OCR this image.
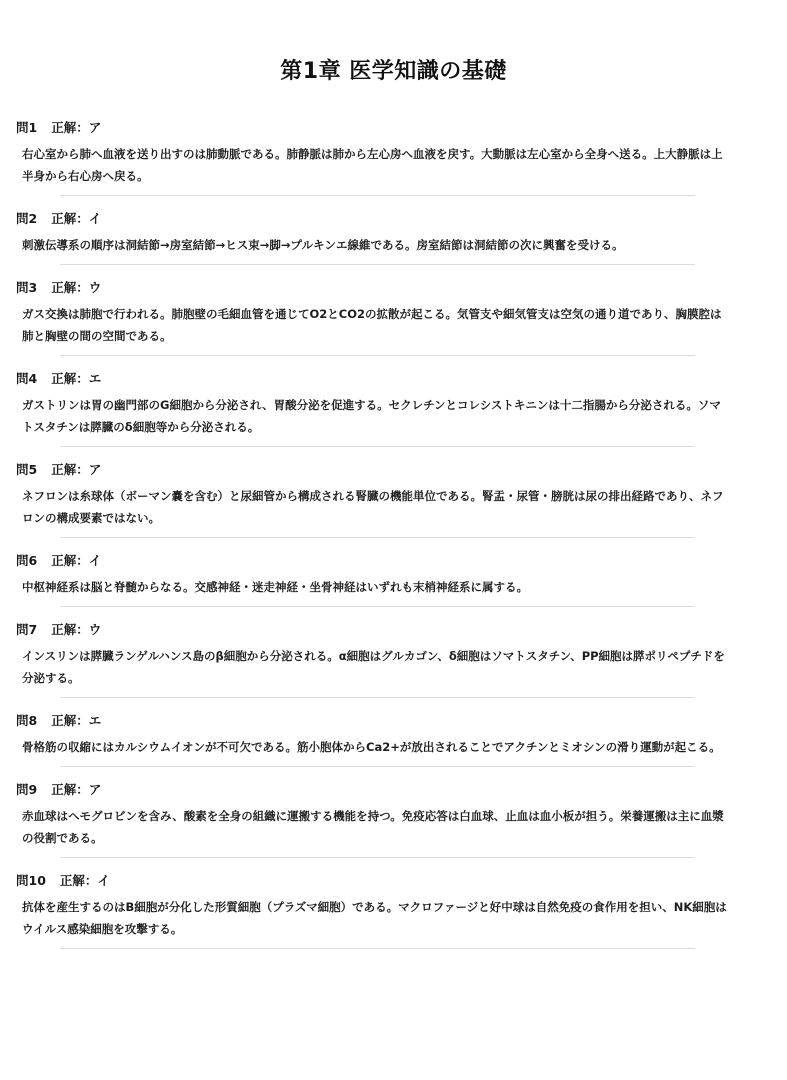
第1章 医学知識の基礎
問1 正解：ア
右心室から肺へ血液を送り出すのは肺動脈である。肺静脈は肺から左心房へ血液を戻す。大動脈は左心室から全身へ送る。上大静脈は上半身から右心房へ戻る。
問2 正解：イ
刺激伝導系の順序は洞結節→房室結節→ヒス束→脚→プルキンエ線維である。房室結節は洞結節の次に興奮を受ける。
問3 正解：ウ
ガス交換は肺胞で行われる。肺胞壁の毛細血管を通じてO2とCO2の拡散が起こる。気管支や細気管支は空気の通り道であり、胸膜腔は肺と胸壁の間の空間である。
問4 正解：エ
ガストリンは胃の幽門部のG細胞から分泌され、胃酸分泌を促進する。セクレチンとコレシストキニンは十二指腸から分泌される。ソマトスタチンは膵臓のδ細胞等から分泌される。
問5 正解：ア
ネフロンは糸球体（ボーマン嚢を含む）と尿細管から構成される腎臓の機能単位である。腎盂・尿管・膀胱は尿の排出経路であり、ネフロンの構成要素ではない。
問6 正解：イ
中枢神経系は脳と脊髄からなる。交感神経・迷走神経・坐骨神経はいずれも末梢神経系に属する。
問7 正解：ウ
インスリンは膵臓ランゲルハンス島のβ細胞から分泌される。α細胞はグルカゴン、δ細胞はソマトスタチン、PP細胞は膵ポリペプチドを分泌する。
問8 正解：エ
骨格筋の収縮にはカルシウムイオンが不可欠である。筋小胞体からCa2+が放出されることでアクチンとミオシンの滑り運動が起こる。
問9 正解：ア
赤血球はヘモグロビンを含み、酸素を全身の組織に運搬する機能を持つ。免疫応答は白血球、止血は血小板が担う。栄養運搬は主に血漿の役割である。
問10 正解：イ
抗体を産生するのはB細胞が分化した形質細胞（プラズマ細胞）である。マクロファージと好中球は自然免疫の食作用を担い、NK細胞はウイルス感染細胞を攻撃する。
